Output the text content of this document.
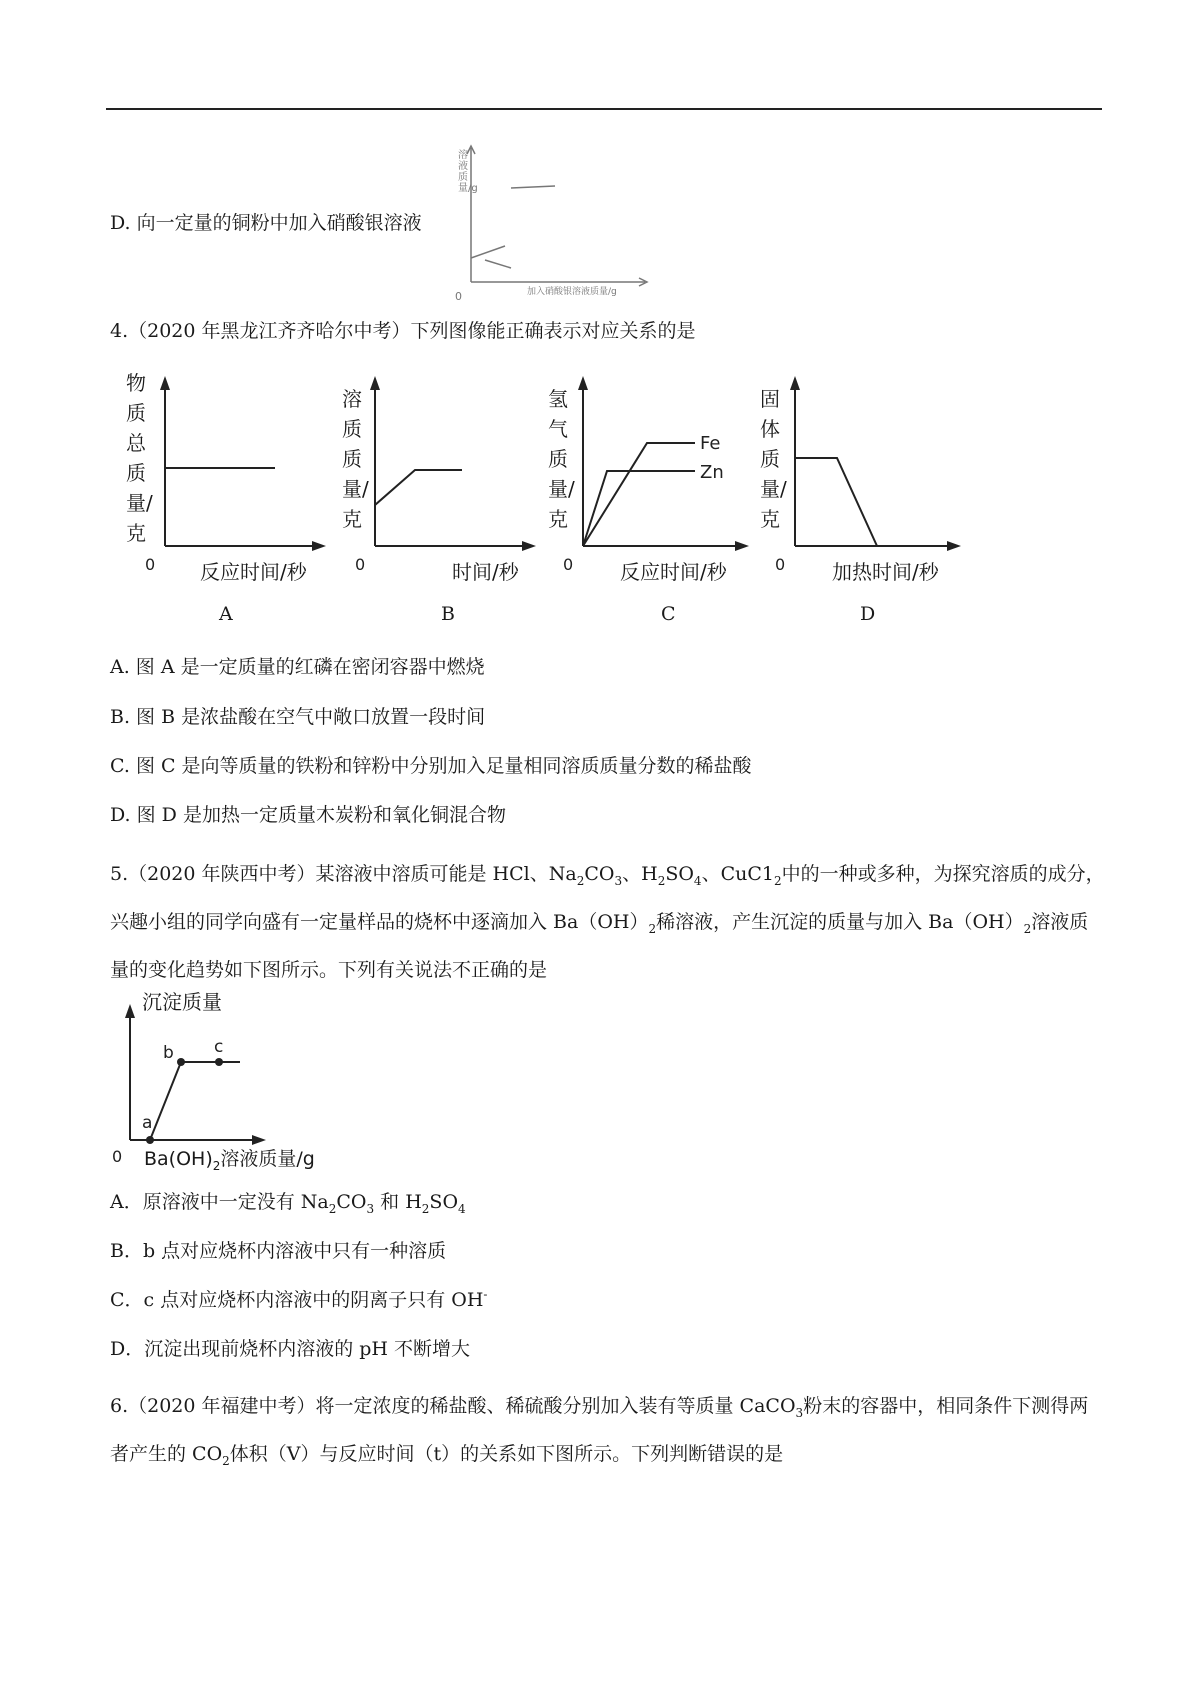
D. 向一定量的铜粉中加入硝酸银溶液
0
溶液质量/g
加入硝酸银溶液质量/g
4.（2020 年黑龙江齐齐哈尔中考）下列图像能正确表示对应关系的是
0
物质总质量/克
反应时间/秒
A
0
溶质质量/克
时间/秒
B
0
Fe
Zn
氢气质量/克
反应时间/秒
C
0
固体质量/克
加热时间/秒
D
A. 图 A 是一定质量的红磷在密闭容器中燃烧
B. 图 B 是浓盐酸在空气中敞口放置一段时间
C. 图 C 是向等质量的铁粉和锌粉中分别加入足量相同溶质质量分数的稀盐酸
D. 图 D 是加热一定质量木炭粉和氧化铜混合物
5.（2020 年陕西中考）某溶液中溶质可能是 HCl、$Na_2CO_3$、$H_2SO_4$、$CuC1_2$中的一种或多种，为探究溶质的成分，兴趣小组的同学向盛有一定量样品的烧杯中逐滴加入 $Ba(OH)_2$稀溶液，产生沉淀的质量与加入 $Ba(OH)_2$溶液质量的变化趋势如下图所示。下列有关说法不正确的是
a
b c
0
沉淀质量
$Ba(OH)_2$溶液质量/g
A．原溶液中一定没有 $Na_2CO_3$ 和 $H_2SO_4$
B．b 点对应烧杯内溶液中只有一种溶质
C．c 点对应烧杯内溶液中的阴离子只有 OH-
D．沉淀出现前烧杯内溶液的 pH 不断增大
6.（2020 年福建中考）将一定浓度的稀盐酸、稀硫酸分别加入装有等质量 CaCO$_3$粉末的容器中，相同条件下测得两者产生的 $CO_2$体积（V）与反应时间（t）的关系如下图所示。下列判断错误的是
